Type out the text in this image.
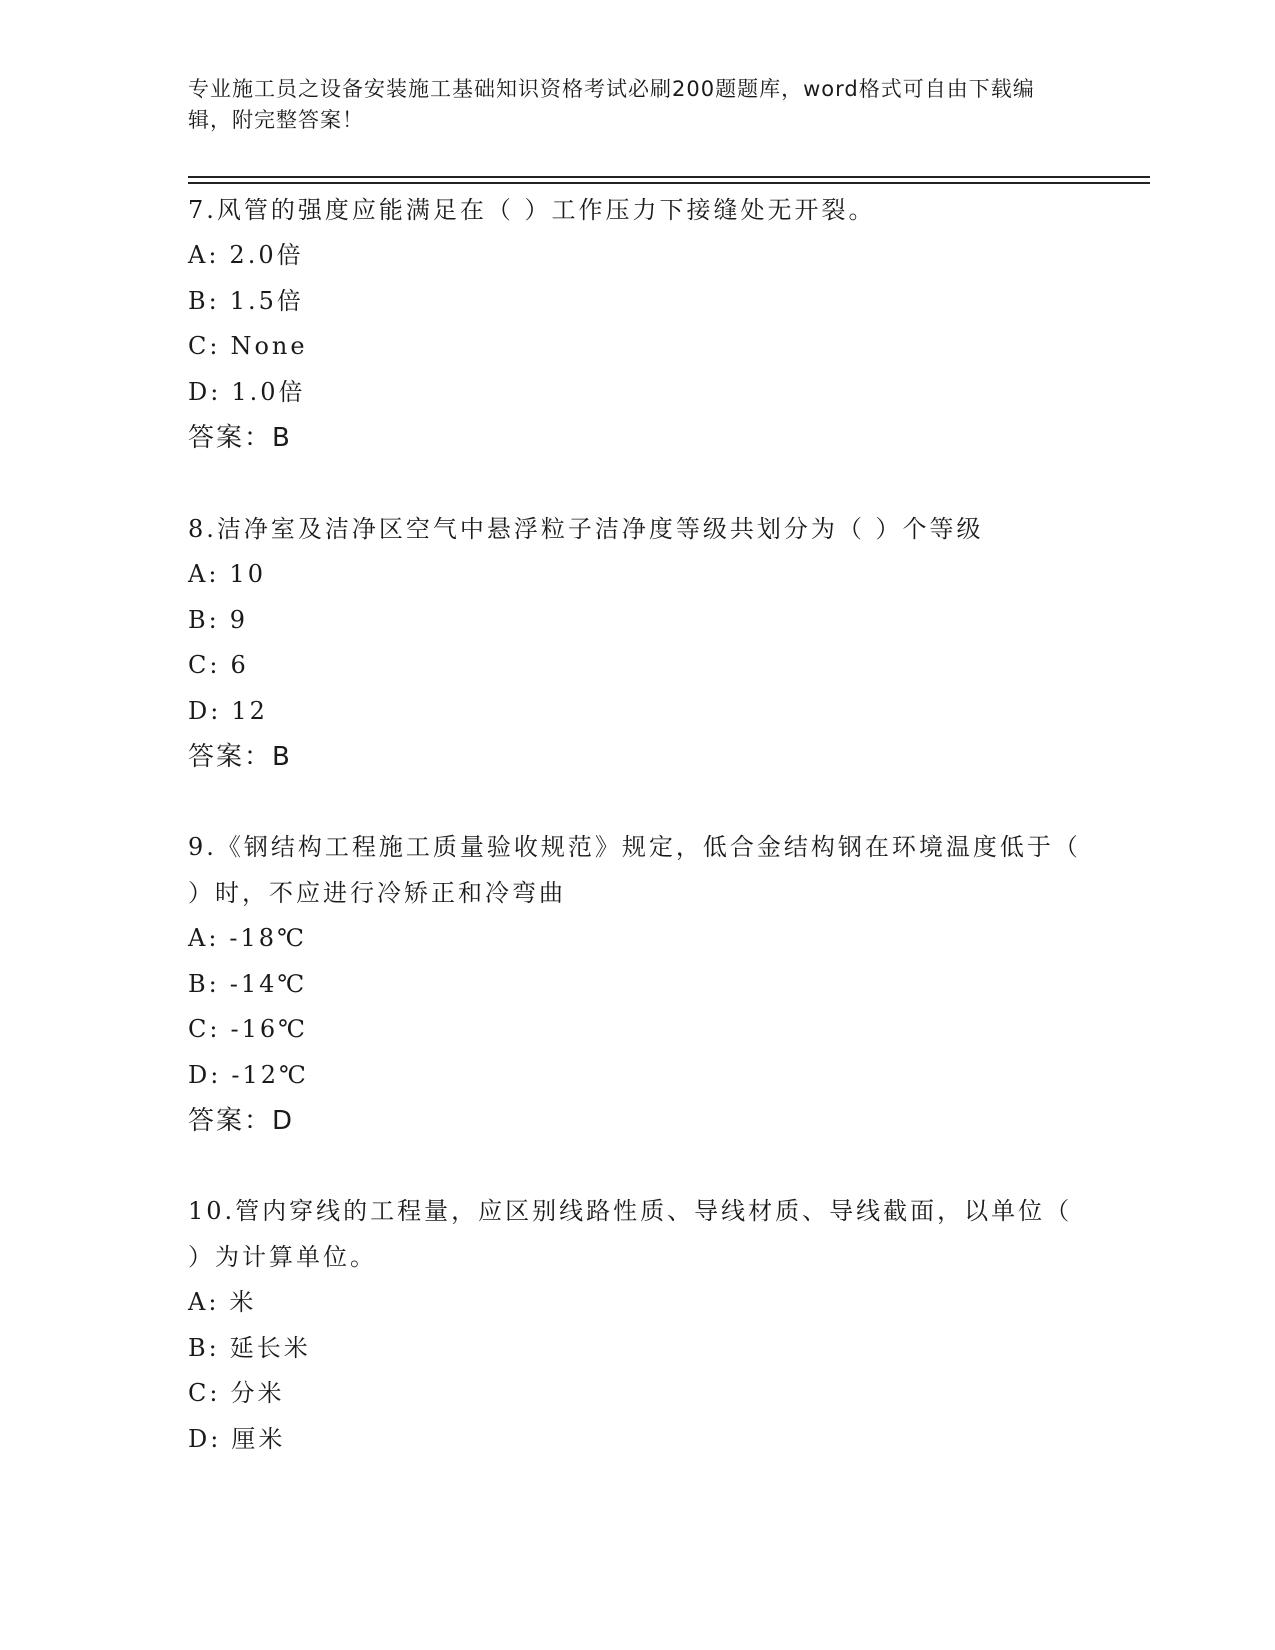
专业施工员之设备安装施工基础知识资格考试必刷200题题库，word格式可自由下载编辑，附完整答案！
7.风管的强度应能满足在（ ）工作压力下接缝处无开裂。
A: 2.0倍
B: 1.5倍
C: None
D: 1.0倍
答案：B
8.洁净室及洁净区空气中悬浮粒子洁净度等级共划分为（ ）个等级
A: 10
B: 9
C: 6
D: 12
答案：B
9.《钢结构工程施工质量验收规范》规定，低合金结构钢在环境温度低于（ ）时，不应进行冷矫正和冷弯曲
A: -18℃
B: -14℃
C: -16℃
D: -12℃
答案：D
10.管内穿线的工程量，应区别线路性质、导线材质、导线截面，以单位（ ）为计算单位。
A: 米
B: 延长米
C: 分米
D: 厘米
